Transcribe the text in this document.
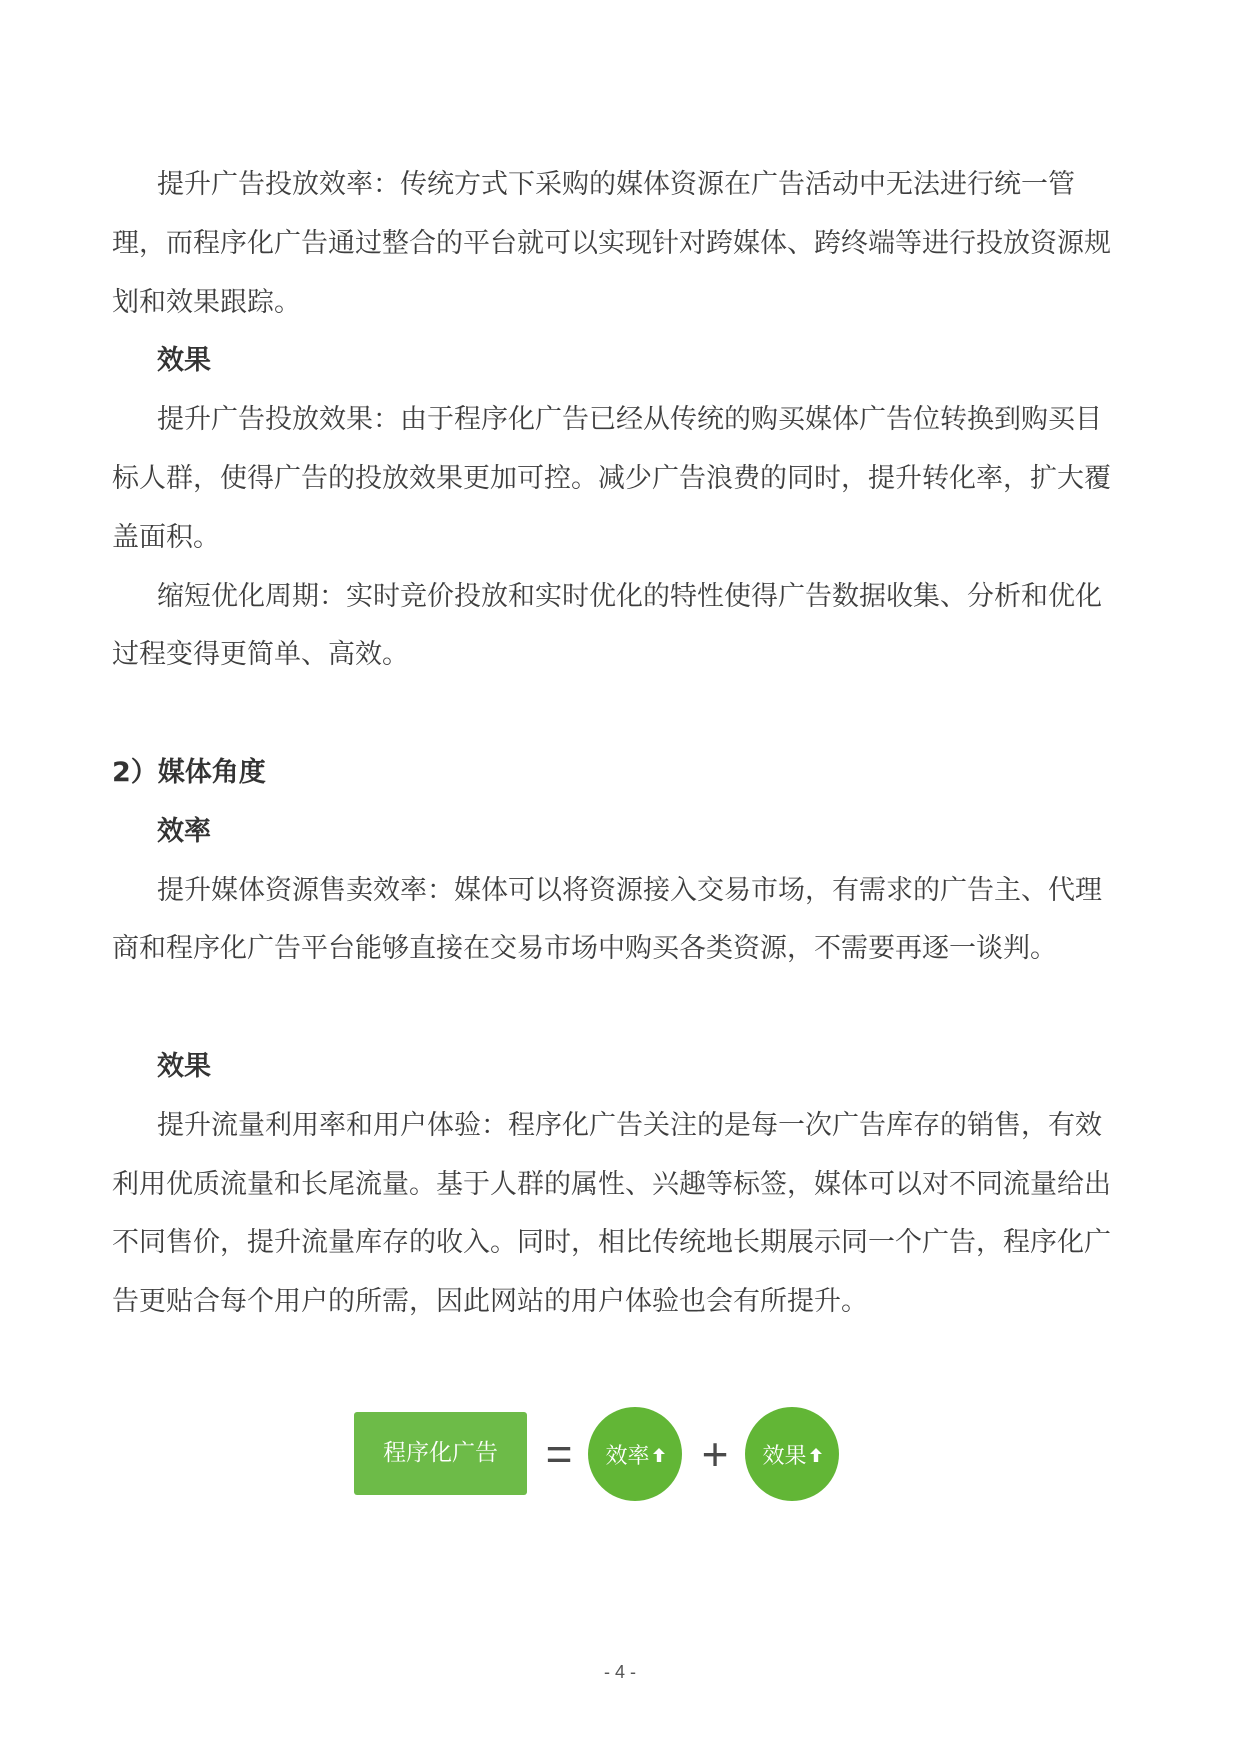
提升广告投放效率：传统方式下采购的媒体资源在广告活动中无法进行统一管
理，而程序化广告通过整合的平台就可以实现针对跨媒体、跨终端等进行投放资源规
划和效果跟踪。
效果
提升广告投放效果：由于程序化广告已经从传统的购买媒体广告位转换到购买目
标人群，使得广告的投放效果更加可控。减少广告浪费的同时，提升转化率，扩大覆
盖面积。
缩短优化周期：实时竞价投放和实时优化的特性使得广告数据收集、分析和优化
过程变得更简单、高效。
2）媒体角度
效率
提升媒体资源售卖效率：媒体可以将资源接入交易市场，有需求的广告主、代理
商和程序化广告平台能够直接在交易市场中购买各类资源，不需要再逐一谈判。
效果
提升流量利用率和用户体验：程序化广告关注的是每一次广告库存的销售，有效
利用优质流量和长尾流量。基于人群的属性、兴趣等标签，媒体可以对不同流量给出
不同售价，提升流量库存的收入。同时，相比传统地长期展示同一个广告，程序化广
告更贴合每个用户的所需，因此网站的用户体验也会有所提升。
程序化广告	=	效率 +	效果
- 4 -
